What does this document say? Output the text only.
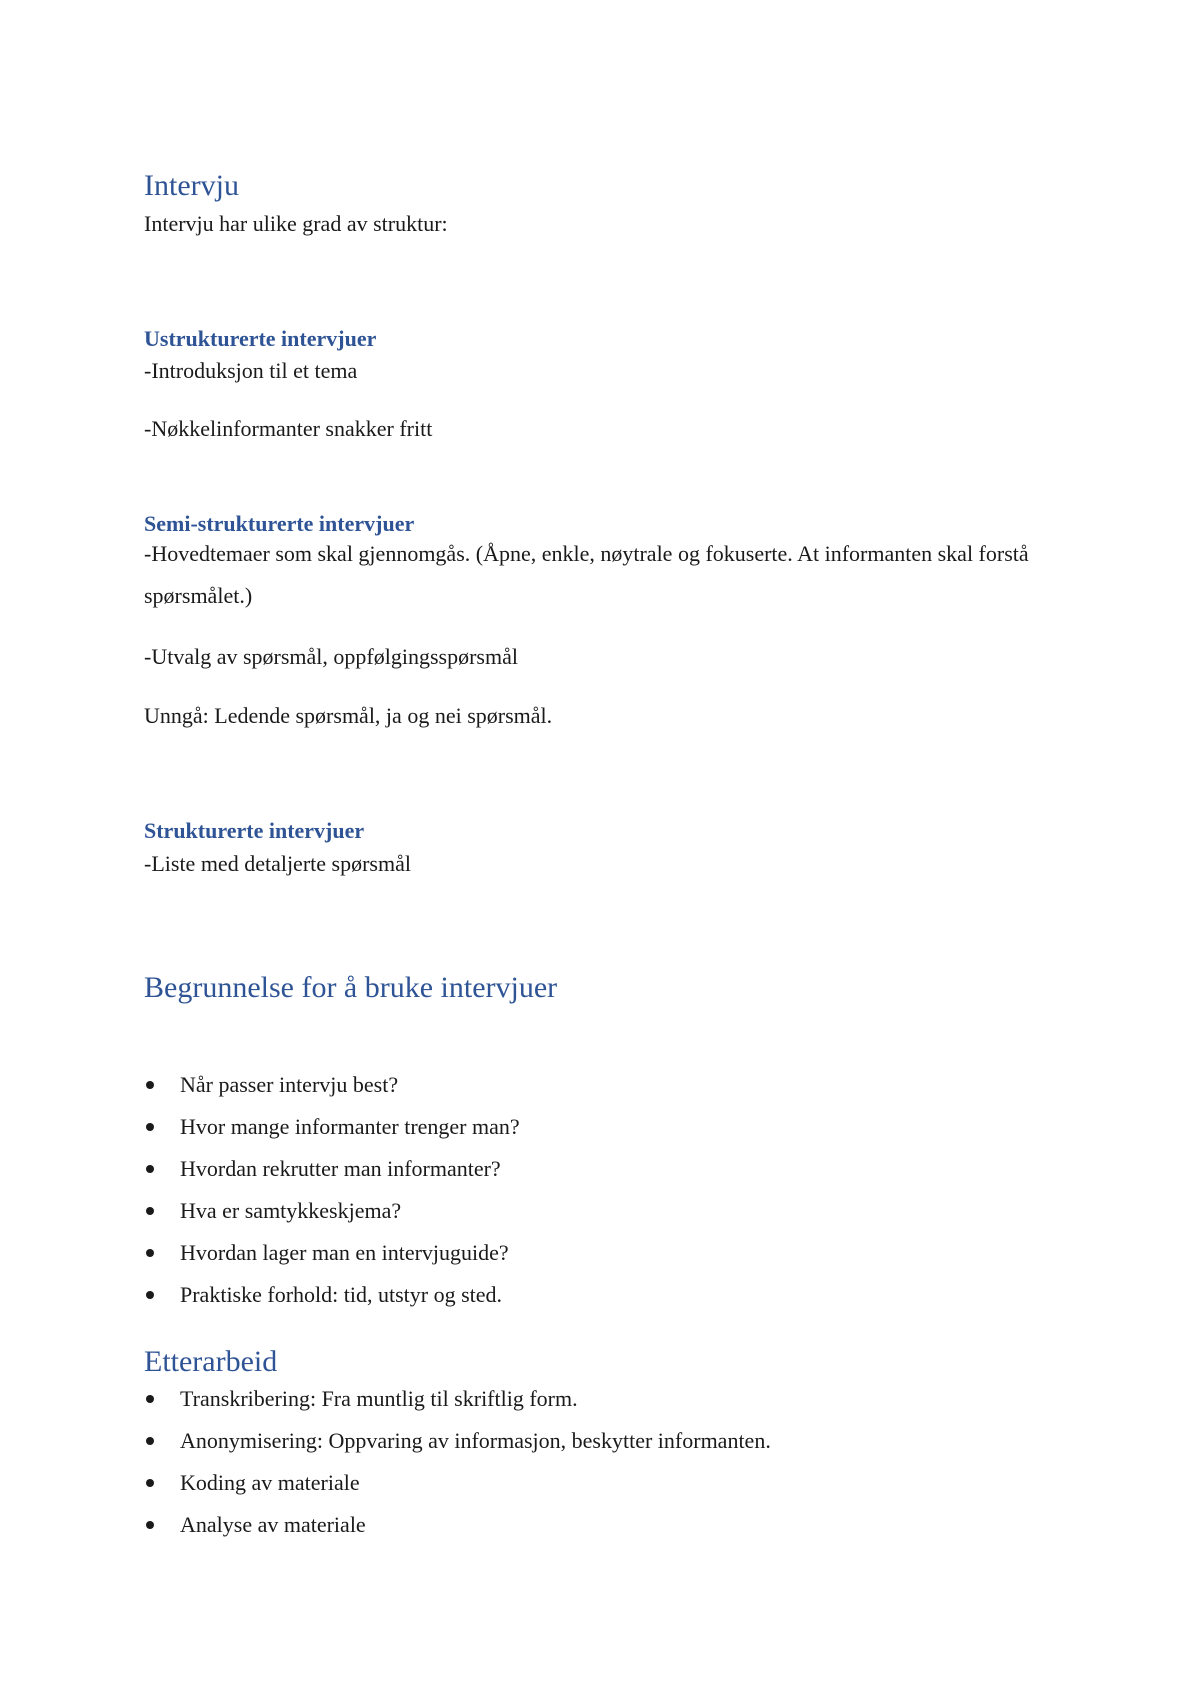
Intervju
Intervju har ulike grad av struktur:
Ustrukturerte intervjuer
-Introduksjon til et tema
-Nøkkelinformanter snakker fritt
Semi-strukturerte intervjuer
-Hovedtemaer som skal gjennomgås. (Åpne, enkle, nøytrale og fokuserte. At informanten skal forstå spørsmålet.)
-Utvalg av spørsmål, oppfølgingsspørsmål
Unngå: Ledende spørsmål, ja og nei spørsmål.
Strukturerte intervjuer
-Liste med detaljerte spørsmål
Begrunnelse for å bruke intervjuer
Når passer intervju best?
Hvor mange informanter trenger man?
Hvordan rekrutter man informanter?
Hva er samtykkeskjema?
Hvordan lager man en intervjuguide?
Praktiske forhold: tid, utstyr og sted.
Etterarbeid
Transkribering: Fra muntlig til skriftlig form.
Anonymisering: Oppvaring av informasjon, beskytter informanten.
Koding av materiale
Analyse av materiale
